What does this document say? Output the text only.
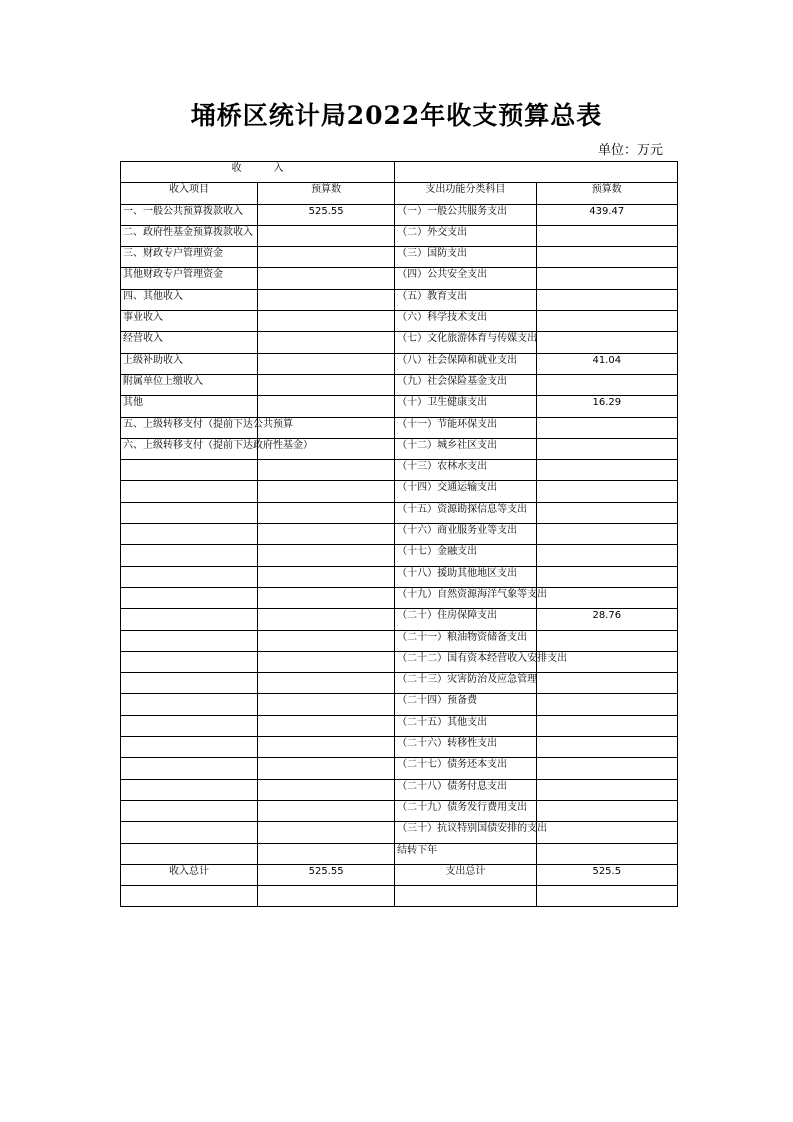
埇桥区统计局2022年收支预算总表
单位：万元
收          入			
收入项目	预算数	支出功能分类科目	预算数
一、一般公共预算拨款收入	525.55	（一）一般公共服务支出	439.47
二、政府性基金预算拨款收入		（二）外交支出	
三、财政专户管理资金		（三）国防支出	
其他财政专户管理资金		（四）公共安全支出	
四、其他收入		（五）教育支出	
事业收入		（六）科学技术支出	
经营收入		（七）文化旅游体育与传媒支出	
上级补助收入		（八）社会保障和就业支出	41.04
附属单位上缴收入		（九）社会保险基金支出	
其他		（十）卫生健康支出	16.29
五、上级转移支付（提前下达公共预算		（十一）节能环保支出	
六、上级转移支付（提前下达政府性基金）		（十二）城乡社区支出	
		（十三）农林水支出	
		（十四）交通运输支出	
		（十五）资源勘探信息等支出	
		（十六）商业服务业等支出	
		（十七）金融支出	
		（十八）援助其他地区支出	
		（十九）自然资源海洋气象等支出	
		（二十）住房保障支出	28.76
		（二十一）粮油物资储备支出	
		（二十二）国有资本经营收入安排支出	
		（二十三）灾害防治及应急管理	
		（二十四）预备费	
		（二十五）其他支出	
		（二十六）转移性支出	
		（二十七）债务还本支出	
		（二十八）债务付息支出	
		（二十九）债务发行费用支出	
		（三十）抗议特别国债安排的支出	
		结转下年	
收入总计	525.55	支出总计	525.5
